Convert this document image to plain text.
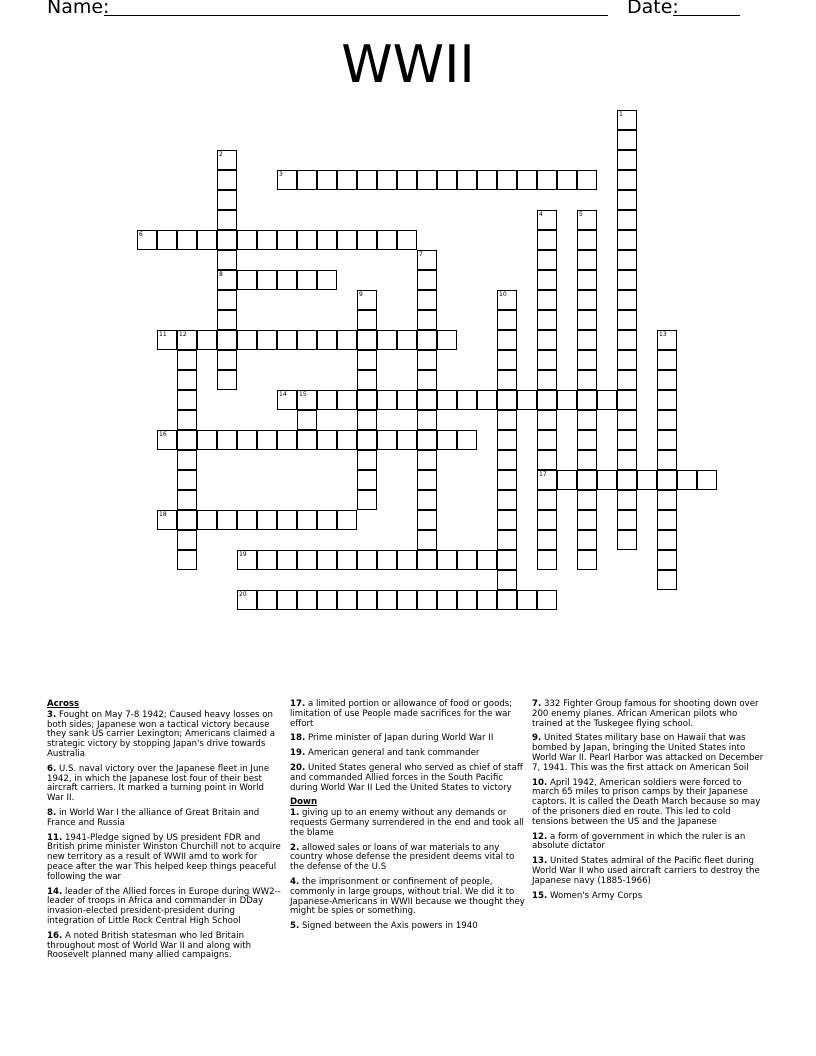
Name:	Date:
WWII
1
2
8
3
4
17
5
6
7
9	10
11 12	13
14 15
16
18
19
20
Across
3. Fought on May 7-8 1942; Caused heavy losses on both sides; Japanese won a tactical victory because they sank US carrier Lexington; Americans claimed a strategic victory by stopping Japan's drive towards Australia
6. U.S. naval victory over the Japanese fleet in June 1942, in which the Japanese lost four of their best aircraft carriers. It marked a turning point in World War II.
8. in World War I the alliance of Great Britain and France and Russia
11. 1941-Pledge signed by US president FDR and British prime minister Winston Churchill not to acquire new territory as a result of WWII amd to work for peace after the war This helped keep things peaceful following the war
14. leader of the Allied forces in Europe during WW2--leader of troops in Africa and commander in DDay invasion-elected president-president during integration of Little Rock Central High School
16. A noted British statesman who led Britain throughout most of World War II and along with Roosevelt planned many allied campaigns.
17. a limited portion or allowance of food or goods; limitation of use People made sacrifices for the war effort
18. Prime minister of Japan during World War II
19. American general and tank commander
20. United States general who served as chief of staff and commanded Allied forces in the South Pacific during World War II Led the United States to victory
Down
1. giving up to an enemy without any demands or requests Germany surrendered in the end and took all the blame
2. allowed sales or loans of war materials to any country whose defense the president deems vital to the defense of the U.S
4. the imprisonment or confinement of people, commonly in large groups, without trial. We did it to Japanese-Americans in WWII because we thought they might be spies or something.
5. Signed between the Axis powers in 1940
7. 332 Fighter Group famous for shooting down over 200 enemy planes. African American pilots who trained at the Tuskegee flying school.
9. United States military base on Hawaii that was bombed by Japan, bringing the United States into World War II. Pearl Harbor was attacked on December 7, 1941. This was the first attack on American Soil
10. April 1942, American soldiers were forced to march 65 miles to prison camps by their Japanese captors. It is called the Death March because so may of the prisoners died en route. This led to cold tensions between the US and the Japanese
12. a form of government in which the ruler is an absolute dictator
13. United States admiral of the Pacific fleet during World War II who used aircraft carriers to destroy the Japanese navy (1885-1966)
15. Women's Army Corps
